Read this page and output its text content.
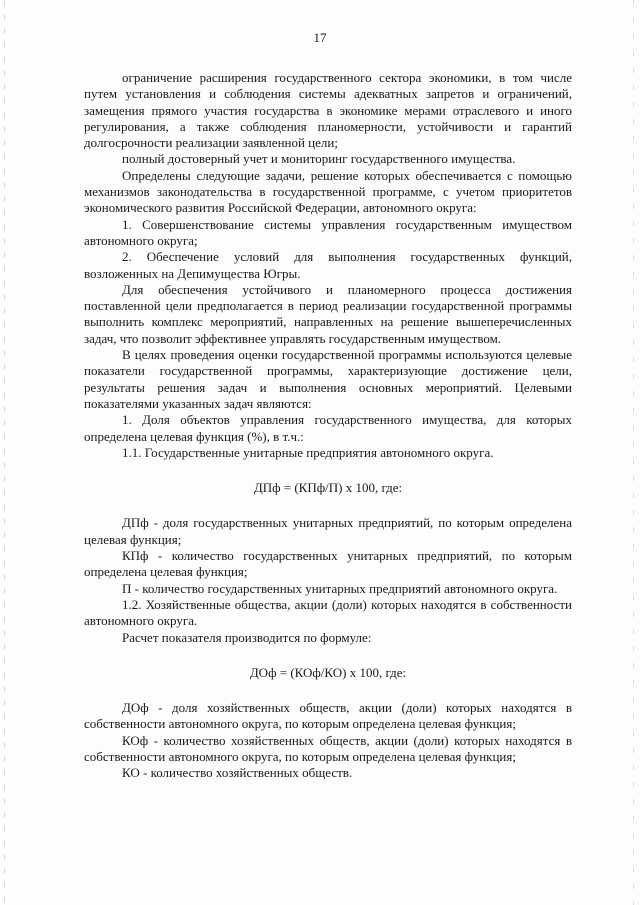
17

ограничение расширения государственного сектора экономики, в том числе путем установления и соблюдения системы адекватных запретов и ограничений, замещения прямого участия государства в экономике мерами отраслевого и иного регулирования, а также соблюдения планомерности, устойчивости и гарантий долгосрочности реализации заявленной цели;

полный достоверный учет и мониторинг государственного имущества.

Определены следующие задачи, решение которых обеспечивается с помощью механизмов законодательства в государственной программе, с учетом приоритетов экономического развития Российской Федерации, автономного округа:

1. Совершенствование системы управления государственным имуществом автономного округа;

2. Обеспечение условий для выполнения государственных функций, возложенных на Депимущества Югры.

Для обеспечения устойчивого и планомерного процесса достижения поставленной цели предполагается в период реализации государственной программы выполнить комплекс мероприятий, направленных на решение вышеперечисленных задач, что позволит эффективнее управлять государственным имуществом.

В целях проведения оценки государственной программы используются целевые показатели государственной программы, характеризующие достижение цели, результаты решения задач и выполнения основных мероприятий. Целевыми показателями указанных задач являются:

1. Доля объектов управления государственного имущества, для которых определена целевая функция (%), в т.ч.:

1.1. Государственные унитарные предприятия автономного округа.

ДПф = (КПф/П) х 100, где:

ДПф - доля государственных унитарных предприятий, по которым определена целевая функция;

КПф - количество государственных унитарных предприятий, по которым определена целевая функция;

П - количество государственных унитарных предприятий автономного округа.

1.2. Хозяйственные общества, акции (доли) которых находятся в собственности автономного округа.

Расчет показателя производится по формуле:

ДОф = (КОф/КО) х 100, где:

ДОф - доля хозяйственных обществ, акции (доли) которых находятся в собственности автономного округа, по которым определена целевая функция;

КОф - количество хозяйственных обществ, акции (доли) которых находятся в собственности автономного округа, по которым определена целевая функция;

КО - количество хозяйственных обществ.
